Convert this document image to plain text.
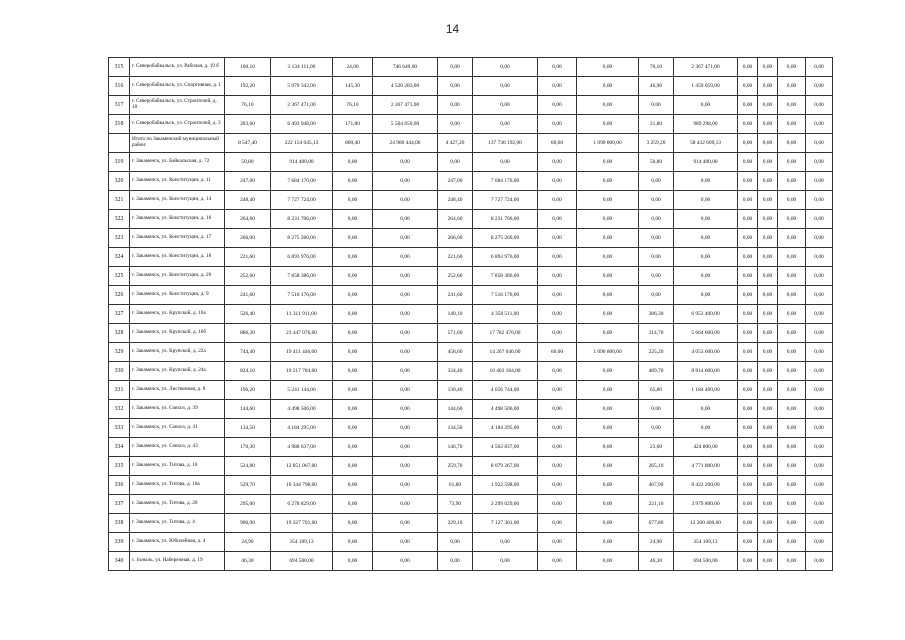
14
315	г. Северобайкальск, ул. Рабочая, д. 19 б	100,10	3 134 111,00	24,00	746 640,00	0,00	0,00	0,00	0,00	76,10	2 367 471,00	0,00	0,00	0,00	0,00
316	г. Северобайкальск, ул. Спортивная, д. 1	192,20	5 979 342,00	145,30	4 520 283,00	0,00	0,00	0,00	0,00	46,90	1 459 059,00	0,00	0,00	0,00	0,00
317	г. Северобайкальск, ул. Строителей, д. 10	76,10	2 367 471,00	76,10	2 367 471,00	0,00	0,00	0,00	0,00	0,00	0,00	0,00	0,00	0,00	0,00
318	г. Северобайкальск, ул. Строителей, д. 3	203,60	6 493 948,00	171,80	5 504 650,00	0,00	0,00	0,00	0,00	31,80	989 298,00	0,00	0,00	0,00	0,00
	Итого по Закаменский муниципальный район:	8 547,40	222 154 045,13	800,40	24 900 444,00	4 427,20	137 730 192,00	60,60	1 090 800,00	3 259,20	58 432 609,13	0,00	0,00	0,00	0,00
319	г. Закаменск, ул. Байкальская, д. 72	50,80	914 400,00	0,00	0,00	0,00	0,00	0,00	0,00	50,80	914 400,00	0,00	0,00	0,00	0,00
320	г. Закаменск, ул. Конституции, д. 11	247,00	7 684 170,00	0,00	0,00	247,00	7 684 170,00	0,00	0,00	0,00	0,00	0,00	0,00	0,00	0,00
321	г. Закаменск, ул. Конституции, д. 14	248,40	7 727 724,00	0,00	0,00	248,40	7 727 724,00	0,00	0,00	0,00	0,00	0,00	0,00	0,00	0,00
322	г. Закаменск, ул. Конституции, д. 16	264,60	8 231 706,00	0,00	0,00	264,60	8 231 706,00	0,00	0,00	0,00	0,00	0,00	0,00	0,00	0,00
323	г. Закаменск, ул. Конституции, д. 17	266,00	8 275 260,00	0,00	0,00	266,00	8 275 260,00	0,00	0,00	0,00	0,00	0,00	0,00	0,00	0,00
324	г. Закаменск, ул. Конституции, д. 18	221,60	6 893 976,00	0,00	0,00	221,60	6 893 976,00	0,00	0,00	0,00	0,00	0,00	0,00	0,00	0,00
325	г. Закаменск, ул. Конституции, д. 20	252,60	7 858 386,00	0,00	0,00	252,60	7 858 386,00	0,00	0,00	0,00	0,00	0,00	0,00	0,00	0,00
326	г. Закаменск, ул. Конституции, д. 9	241,60	7 516 176,00	0,00	0,00	241,60	7 516 176,00	0,00	0,00	0,00	0,00	0,00	0,00	0,00	0,00
327	г. Закаменск, ул. Крупской, д. 16а	526,40	11 311 911,00	0,00	0,00	140,10	4 358 511,00	0,00	0,00	386,30	6 953 400,00	0,00	0,00	0,00	0,00
328	г. Закаменск, ул. Крупской, д. 16б	886,30	23 447 076,00	0,00	0,00	571,60	17 782 476,00	0,00	0,00	314,70	5 664 600,00	0,00	0,00	0,00	0,00
329	г. Закаменск, ул. Крупской, д. 22а	744,40	19 411 446,00	0,00	0,00	458,60	14 267 046,00	60,60	1 090 800,00	225,20	4 053 600,00	0,00	0,00	0,00	0,00
330	г. Закаменск, ул. Крупской, д. 24а	824,10	19 217 784,00	0,00	0,00	334,40	10 403 184,00	0,00	0,00	489,70	8 814 600,00	0,00	0,00	0,00	0,00
331	г. Закаменск, ул. Лиственная, д. 8	196,20	5 241 144,00	0,00	0,00	130,40	4 056 744,00	0,00	0,00	65,80	1 184 400,00	0,00	0,00	0,00	0,00
332	г. Закаменск, ул. Совхоз, д. 39	144,60	4 498 506,00	0,00	0,00	144,60	4 498 506,00	0,00	0,00	0,00	0,00	0,00	0,00	0,00	0,00
333	г. Закаменск, ул. Совхоз, д. 41	134,50	4 184 295,00	0,00	0,00	134,50	4 184 295,00	0,00	0,00	0,00	0,00	0,00	0,00	0,00	0,00
334	г. Закаменск, ул. Совхоз, д. 43	170,30	4 988 637,00	0,00	0,00	146,70	4 563 837,00	0,00	0,00	23,60	424 800,00	0,00	0,00	0,00	0,00
335	г. Закаменск, ул. Титова, д. 18	524,80	12 851 067,00	0,00	0,00	259,70	8 079 267,00	0,00	0,00	265,10	4 771 800,00	0,00	0,00	0,00	0,00
336	г. Закаменск, ул. Титова, д. 18а	529,70	10 344 798,00	0,00	0,00	61,80	1 922 598,00	0,00	0,00	467,90	8 422 200,00	0,00	0,00	0,00	0,00
337	г. Закаменск, ул. Титова, д. 20	295,00	6 278 829,00	0,00	0,00	73,90	2 299 029,00	0,00	0,00	221,10	3 979 800,00	0,00	0,00	0,00	0,00
338	г. Закаменск, ул. Титова, д. 4	906,90	19 327 701,00	0,00	0,00	229,10	7 127 301,00	0,00	0,00	677,80	12 200 400,00	0,00	0,00	0,00	0,00
339	г. Закаменск, ул. Юбилейная, д. 4	24,90	354 109,13	0,00	0,00	0,00	0,00	0,00	0,00	24,90	354 109,13	0,00	0,00	0,00	0,00
340	с. Бональ, ул. Набережная, д. 19	46,30	694 500,00	0,00	0,00	0,00	0,00	0,00	0,00	46,30	694 500,00	0,00	0,00	0,00	0,00
